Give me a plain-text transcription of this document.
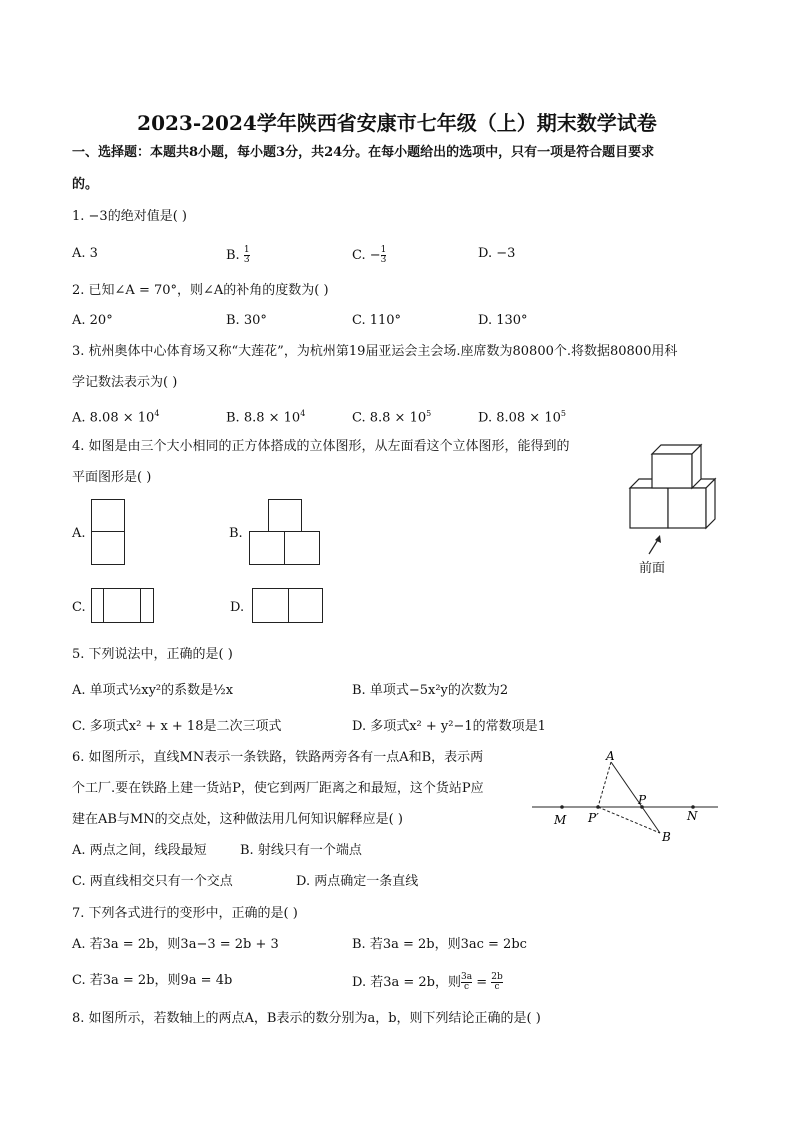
2023-2024学年陕西省安康市七年级（上）期末数学试卷
一、选择题：本题共8小题，每小题3分，共24分。在每小题给出的选项中，只有一项是符合题目要求
的。
1. −3的绝对值是( )
A. 3	B. $\frac{1}{3}$	C. − $\frac{1}{3}$	D. −3
2. 已知∠A = 70°，则∠A的补角的度数为( )
A. 20°	B. 30°	C. 110°	D. 130°
3. 杭州奥体中心体育场又称“大莲花”，为杭州第19届亚运会主会场.座席数为80800个.将数据80800用科
学记数法表示为( )
A. $8.08 \times 10^4$	B. $8.8 \times 10^4$	C. $8.8 \times 10^5$	D. $8.08 \times 10^5$
4. 如图是由三个大小相同的正方体搭成的立体图形，从左面看这个立体图形，能得到的
平面图形是( )
前面
A.	B.
C.	D.
5. 下列说法中，正确的是( )
A. 单项式½xy²的系数是½x	B. 单项式−5x²y的次数为2
C. 多项式x² + x + 18是二次三项式	D. 多项式x² + y²−1的常数项是1
6. 如图所示，直线MN表示一条铁路，铁路两旁各有一点A和B，表示两
个工厂.要在铁路上建一货站P，使它到两厂距离之和最短，这个货站P应
建在AB与MN的交点处，这种做法用几何知识解释应是( )
A. 两点之间，线段最短	B. 射线只有一个端点
C. 两直线相交只有一个交点	D. 两点确定一条直线
A
B
M	N
P
P′
7. 下列各式进行的变形中，正确的是( )
A. 若3a = 2b，则3a−3 = 2b + 3	B. 若3a = 2b，则3ac = 2bc
C. 若3a = 2b，则9a = 4b	D. 若3a = 2b，则 $\frac{3a}{c} = \frac{2b}{c}$
8. 如图所示，若数轴上的两点A，B表示的数分别为a，b，则下列结论正确的是( )
